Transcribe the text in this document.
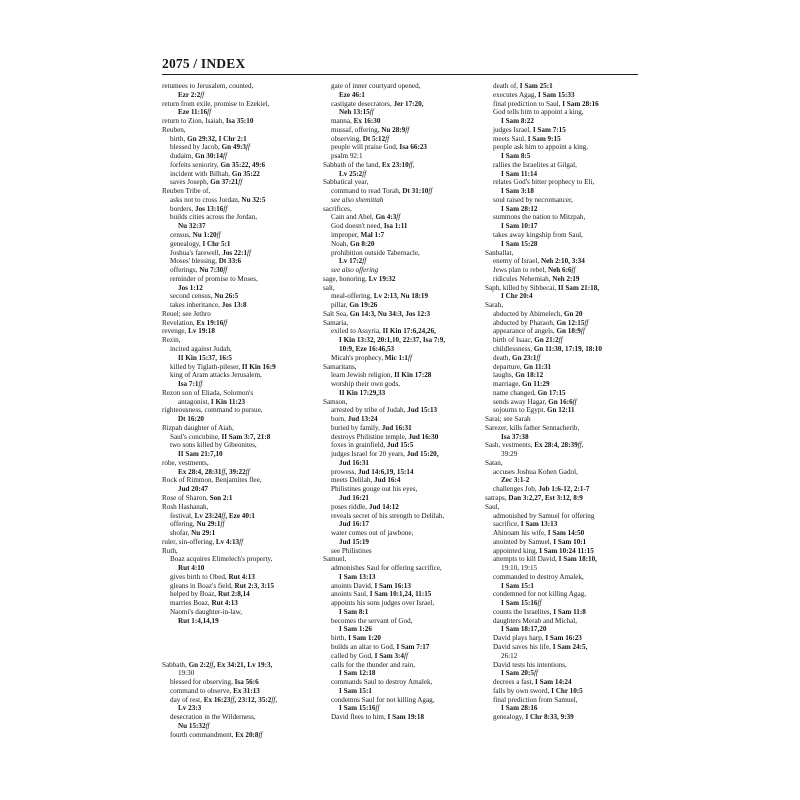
2075 / INDEX
retumees to Jerusalem, counted,
Ezr 2:2ff
return from exile, promise to Ezekiel,
Eze 11:16ff
return to Zion, Isaiah, Isa 35:10
Reuben,
birth, Gn 29:32, I Chr 2:1
blessed by Jacob, Gn 49:3ff
dudaim, Gn 30:14ff
forfeits seniority, Gn 35:22, 49:6
incident with Bilhah, Gn 35:22
saves Joseph, Gn 37:21ff
Reuben Tribe of,
asks not to cross Jordan, Nu 32:5
borders, Jos 13:16ff
builds cities across the Jordan,
Nu 32:37
census, Nu 1:20ff
genealogy, I Chr 5:1
Joshua's farewell, Jos 22:1ff
Moses' blessing, Dt 33:6
offerings, Nu 7:30ff
reminder of promise to Moses,
Jos 1:12
second census, Nu 26:5
takes inheritance, Jos 13:8
Reuel; see Jethro
Revelation, Ex 19:16ff
revenge, Lv 19:18
Rezin,
incited against Judah,
II Kin 15:37, 16:5
killed by Tiglath-pileser, II Kin 16:9
king of Aram attacks Jerusalem,
Isa 7:1ff
Rezon son of Eliada, Solomon's
antagonist, I Kin 11:23
righteousness, command to pursue,
Dt 16:20
Rizpah daughter of Aiah,
Saul's concubine, II Sam 3:7, 21:8
two sons killed by Gibeonites,
II Sam 21:7,10
robe, vestments,
Ex 28:4, 28:31ff, 39:22ff
Rock of Rimmon, Benjamites flee,
Jud 20:47
Rose of Sharon, Son 2:1
Rosh Hashanah,
festival, Lv 23:24ff, Eze 40:1
offering, Nu 29:1ff
shofar, Nu 29:1
ruler, sin-offering, Lv 4:13ff
Ruth,
Boaz acquires Elimelech's property,
Rut 4:10
gives birth to Obed, Rut 4:13
gleans in Boaz's field, Rut 2:3, 3:15
helped by Boaz, Rut 2:8,14
marries Boaz, Rut 4:13
Naomi's daughter-in-law,
Rut 1:4,14,19
Sabbath, Gn 2:2ff, Ex 34:21, Lv 19:3,
19:30
blessed for observing, Isa 56:6
command to observe, Ex 31:13
day of rest, Ex 16:23ff, 23:12, 35:2ff,
Lv 23:3
desecration in the Wilderness,
Nu 15:32ff
fourth commandment, Ex 20:8ff
gate of inner courtyard opened,
Eze 46:1
castigate desecrators, Jer 17:20,
Neh 13:15ff
manna, Ex 16:30
mussaf, offering, Nu 28:9ff
observing, Dt 5:12ff
people will praise God, Isa 66:23
psalm 92:1
Sabbath of the land, Ex 23:10ff,
Lv 25:2ff
Sabbatical year,
command to read Torah, Dt 31:10ff
see also shemittah
sacrifices,
Cain and Abel, Gn 4:3ff
God doesn't need, Isa 1:11
improper, Mal 1:7
Noah, Gn 8:20
prohibition outside Tabernacle,
Lv 17:2ff
see also offering
sage, honoring, Lv 19:32
salt,
meal-offering, Lv 2:13, Nu 18:19
pillar, Gn 19:26
Salt Sea, Gn 14:3, Nu 34:3, Jos 12:3
Samaria,
exiled to Assyria, II Kin 17:6,24,26,
I Kin 13:32, 20:1,10, 22:37, Isa 7:9,
10:9, Eze 16:46,53
Micah's prophecy, Mic 1:1ff
Samaritans,
learn Jewish religion, II Kin 17:28
worship their own gods,
II Kin 17:29,33
Samson,
arrested by tribe of Judah, Jud 15:13
born, Jud 13:24
buried by family, Jud 16:31
destroys Philistine temple, Jud 16:30
foxes in grainfield, Jud 15:5
judges Israel for 20 years, Jud 15:20,
Jud 16:31
prowess, Jud 14:6,19, 15:14
meets Delilah, Jud 16:4
Philistines gouge out his eyes,
Jud 16:21
poses riddle, Jud 14:12
reveals secret of his strength to Delilah,
Jud 16:17
water comes out of jawbone,
Jud 15:19
see Philistines
Samuel,
admonishes Saul for offering sacrifice,
I Sam 13:13
anoints David, I Sam 16:13
anoints Saul, I Sam 10:1,24, 11:15
appoints his sons judges over Israel,
I Sam 8:1
becomes the servant of God,
I Sam 1:26
birth, I Sam 1:20
builds an altar to God, I Sam 7:17
called by God, I Sam 3:4ff
calls for the thunder and rain,
I Sam 12:18
commands Saul to destroy Amalek,
I Sam 15:1
condemns Saul for not killing Agag,
I Sam 15:16ff
David flees to him, I Sam 19:18
death of, I Sam 25:1
executes Agag, I Sam 15:33
final prediction to Saul, I Sam 28:16
God tells him to appoint a king,
I Sam 8:22
judges Israel, I Sam 7:15
meets Saul, I Sam 9:15
people ask him to appoint a king,
I Sam 8:5
rallies the Israelites at Gilgal,
I Sam 11:14
relates God's bitter prophecy to Eli,
I Sam 3:18
soul raised by necromancer,
I Sam 28:12
summons the nation to Mitzpah,
I Sam 10:17
takes away kingship from Saul,
I Sam 15:28
Sanballat,
enemy of Israel, Neh 2:10, 3:34
Jews plan to rebel, Neh 6:6ff
ridicules Nehemiah, Neh 2:19
Saph, killed by Sibbecai, II Sam 21:18,
I Chr 20:4
Sarah,
abducted by Abimelech, Gn 20
abducted by Pharaoh, Gn 12:15ff
appearance of angels, Gn 18:9ff
birth of Isaac, Gn 21:2ff
childlessness, Gn 11:30, 17:19, 18:10
death, Gn 23:1ff
departure, Gn 11:31
laughs, Gn 18:12
marriage, Gn 11:29
name changed, Gn 17:15
sends away Hagar, Gn 16:6ff
sojourns to Egypt, Gn 12:11
Sarai; see Sarah
Sarezer, kills father Sennacherib,
Isa 37:38
Sash, vestments, Ex 28:4, 28:39ff,
39:29
Satan,
accuses Joshua Kohen Gadol,
Zec 3:1-2
challenges Job, Job 1:6-12, 2:1-7
satraps, Dan 3:2,27, Est 3:12, 8:9
Saul,
admonished by Samuel for offering
sacrifice, I Sam 13:13
Ahinoam his wife, I Sam 14:50
anointed by Samuel, I Sam 10:1
appointed king, I Sam 10:24 11:15
attempts to kill David, I Sam 18:10,
19:10, 19:15
commanded to destroy Amalek,
I Sam 15:1
condemned for not killing Agag,
I Sam 15:16ff
counts the Israelites, I Sam 11:8
daughters Merab and Michal,
I Sam 18:17,20
David plays harp, I Sam 16:23
David saves his life, I Sam 24:5,
26:12
David tests his intentions,
I Sam 20:5ff
decrees a fast, I Sam 14:24
falls by own sword, I Chr 10:5
final prediction from Samuel,
I Sam 28:16
genealogy, I Chr 8:33, 9:39
